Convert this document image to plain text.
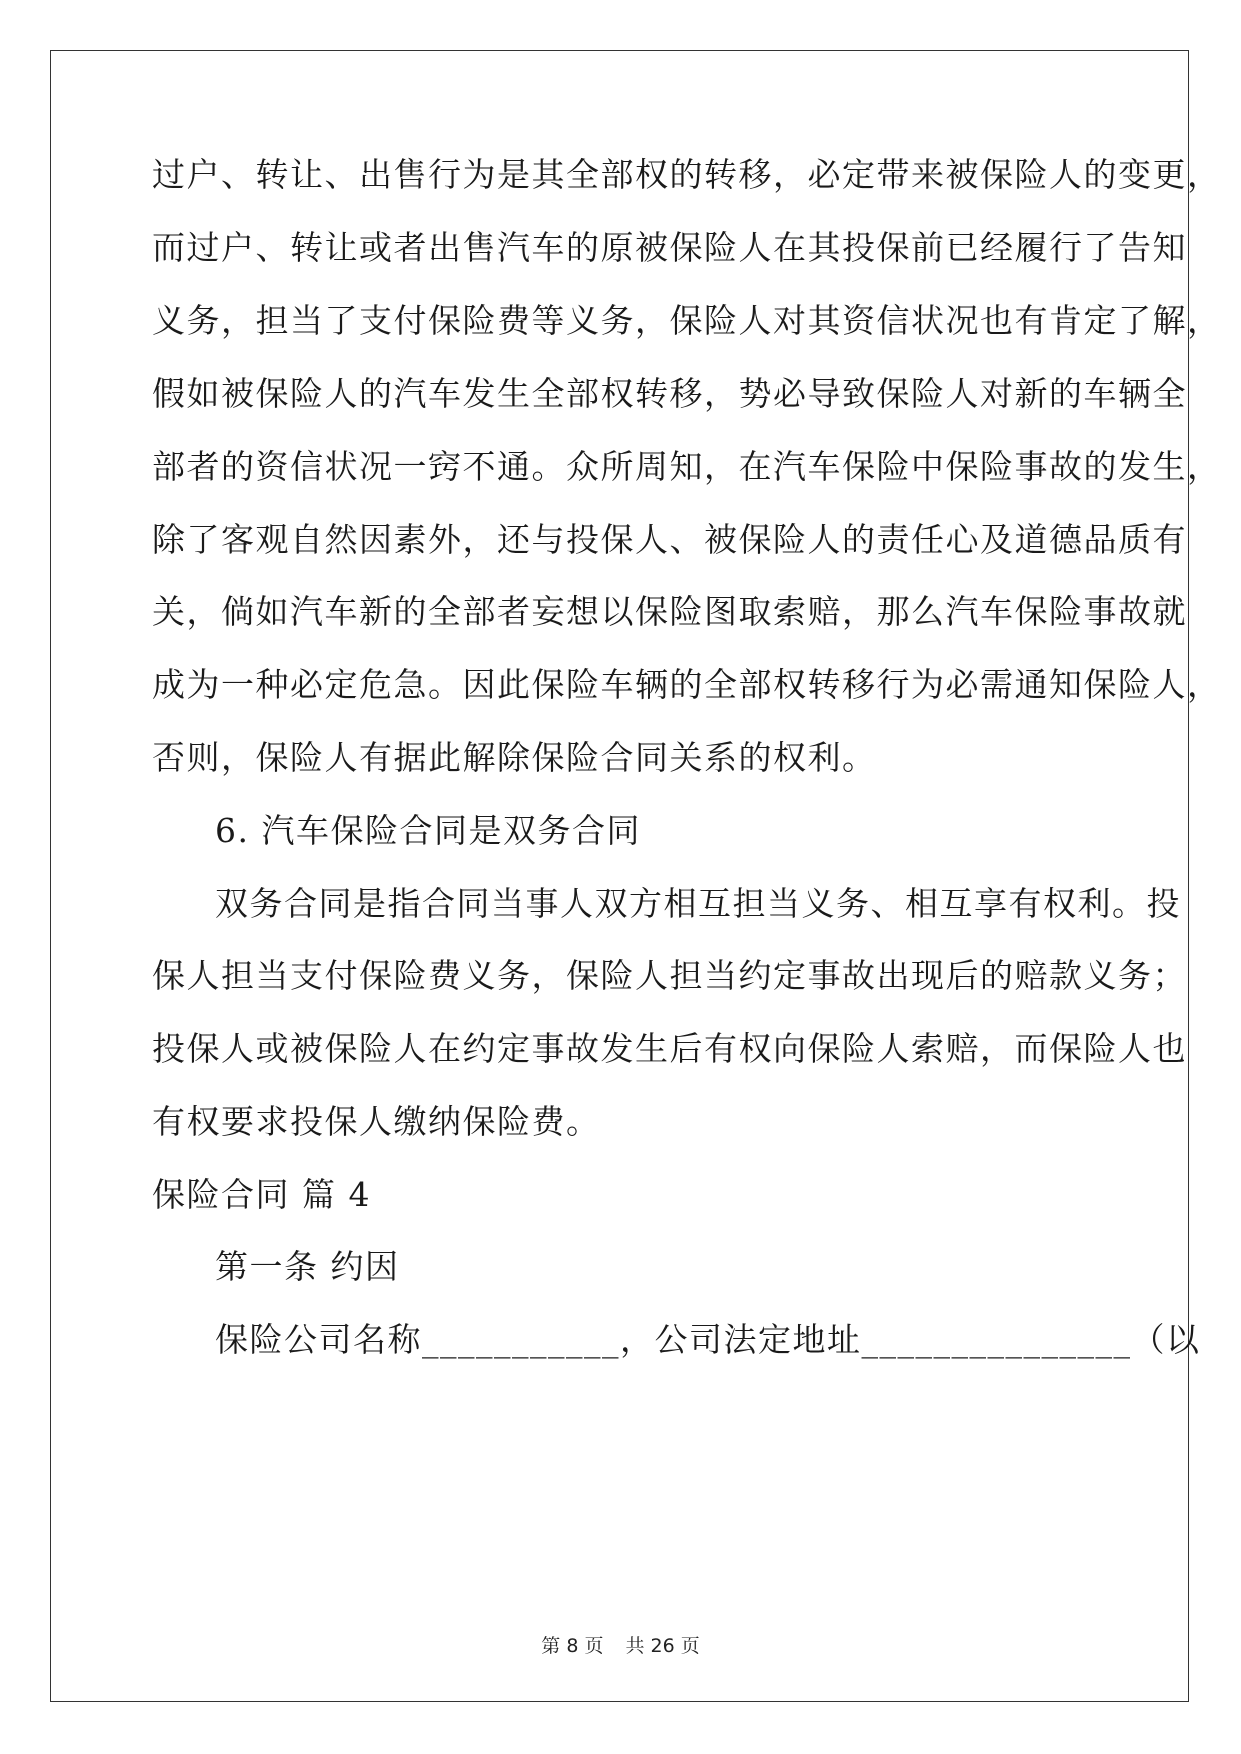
过户、转让、出售行为是其全部权的转移，必定带来被保险人的变更，
而过户、转让或者出售汽车的原被保险人在其投保前已经履行了告知
义务，担当了支付保险费等义务，保险人对其资信状况也有肯定了解，
假如被保险人的汽车发生全部权转移，势必导致保险人对新的车辆全
部者的资信状况一窍不通。众所周知，在汽车保险中保险事故的发生，
除了客观自然因素外，还与投保人、被保险人的责任心及道德品质有
关，倘如汽车新的全部者妄想以保险图取索赔，那么汽车保险事故就
成为一种必定危急。因此保险车辆的全部权转移行为必需通知保险人，
否则，保险人有据此解除保险合同关系的权利。
6. 汽车保险合同是双务合同
双务合同是指合同当事人双方相互担当义务、相互享有权利。投
保人担当支付保险费义务，保险人担当约定事故出现后的赔款义务；
投保人或被保险人在约定事故发生后有权向保险人索赔，而保险人也
有权要求投保人缴纳保险费。
保险合同 篇 4
第一条 约因
保险公司名称___________，公司法定地址_______________（以
第 8 页 共 26 页
